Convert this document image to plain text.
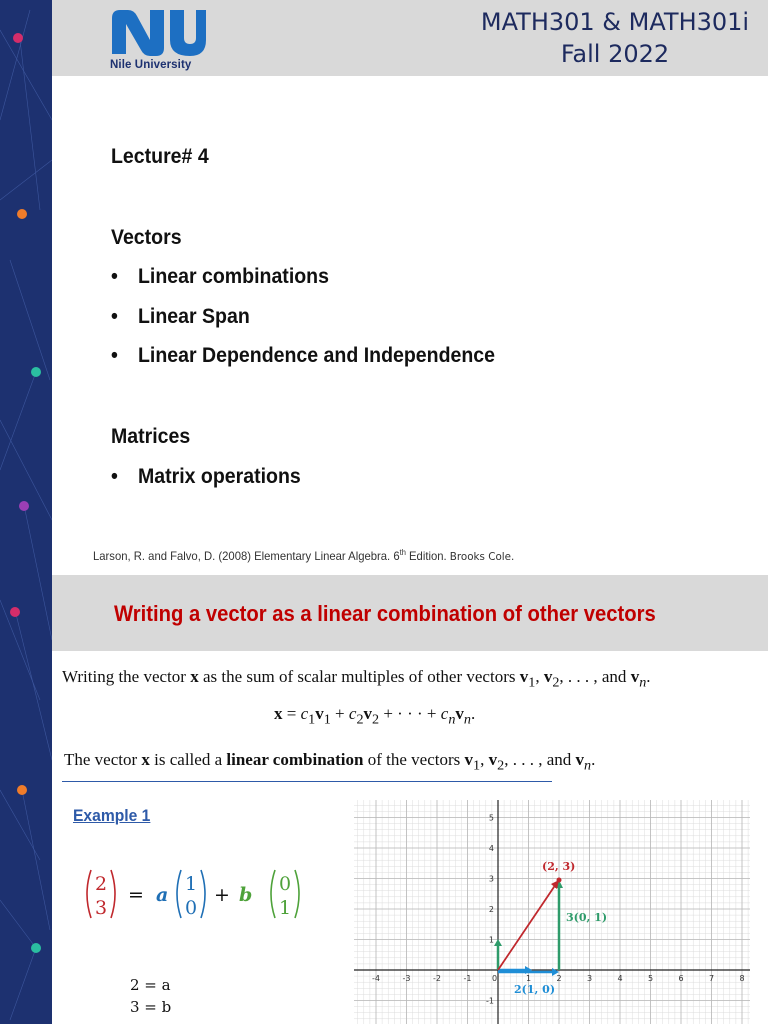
Nile University
MATH301 & MATH301i
Fall 2022
Lecture# 4
Vectors
• Linear combinations
• Linear Span
• Linear Dependence and Independence
Matrices
• Matrix operations
Larson, R. and Falvo, D. (2008) Elementary Linear Algebra. 6th Edition. Brooks Cole.
Writing a vector as a linear combination of other vectors
Writing the vector x as the sum of scalar multiples of other vectors $v_1$, $v_2$, . . . , and $v_n$.
$x = c_1v_1 + c_2v_2$ + · · · + $c_nv_n$.
The vector x is called a linear combination of the vectors $v_1$, $v_2$, . . . , and $v_n$.
Example 1
2
3
= a 1
0
+ b 0
1
2 = a
3 = b
-4	-3	-2	-1	1	2	3	4	5	6	7	8
0
5
4
3
2
1
-1
(2, 3)
3(0, 1)
2(1, 0)
